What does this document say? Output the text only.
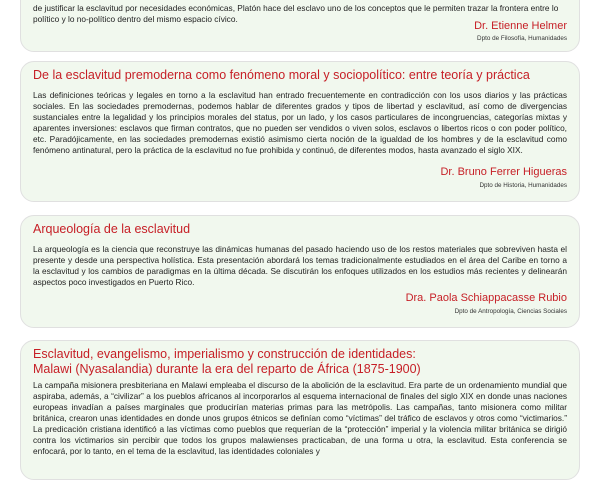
de justificar la esclavitud por necesidades económicas, Platón hace del esclavo uno de los conceptos que le permiten trazar la frontera entre lo político y lo no-político dentro del mismo espacio cívico.
Dr. Etienne Helmer
Dpto de Filosofía, Humanidades
De la esclavitud premoderna como fenómeno moral y sociopolítico: entre teoría y práctica
Las definiciones teóricas y legales en torno a la esclavitud han entrado frecuentemente en contradicción con los usos diarios y las prácticas sociales. En las sociedades premodernas, podemos hablar de diferentes grados y tipos de libertad y esclavitud, así como de divergencias sustanciales entre la legalidad y los principios morales del status, por un lado, y los casos particulares de incongruencias, categorías mixtas y aparentes inversiones: esclavos que firman contratos, que no pueden ser vendidos o viven solos, esclavos o libertos ricos o con poder político, etc. Paradójicamente, en las sociedades premodernas existió asimismo cierta noción de la igualdad de los hombres y de la esclavitud como fenómeno antinatural, pero la práctica de la esclavitud no fue prohibida y continuó, de diferentes modos, hasta avanzado el siglo XIX.
Dr. Bruno Ferrer Higueras
Dpto de Historia, Humanidades
Arqueología de la esclavitud
La arqueología es la ciencia que reconstruye las dinámicas humanas del pasado haciendo uso de los restos materiales que sobreviven hasta el presente y desde una perspectiva holística. Esta presentación abordará los temas tradicionalmente estudiados en el área del Caribe en torno a la esclavitud y los cambios de paradigmas en la última década. Se discutirán los enfoques utilizados en los estudios más recientes y delinearán aspectos poco investigados en Puerto Rico.
Dra. Paola Schiappacasse Rubio
Dpto de Antropología, Ciencias Sociales
Esclavitud, evangelismo, imperialismo y construcción de identidades:
Malawi (Nyasalandia) durante la era del reparto de África (1875-1900)
La campaña misionera presbiteriana en Malawi empleaba el discurso de la abolición de la esclavitud. Era parte de un ordenamiento mundial que aspiraba, además, a “civilizar” a los pueblos africanos al incorporarlos al esquema internacional de finales del siglo XIX en donde unas naciones europeas invadían a países marginales que producirían materias primas para las metrópolis. Las campañas, tanto misionera como militar británica, crearon unas identidades en donde unos grupos étnicos se definían como “víctimas” del tráfico de esclavos y otros como “victimarios.” La predicación cristiana identificó a las víctimas como pueblos que requerían de la “protección” imperial y la violencia militar británica se dirigió contra los victimarios sin percibir que todos los grupos malawienses practicaban, de una forma u otra, la esclavitud. Esta conferencia se enfocará, por lo tanto, en el tema de la esclavitud, las identidades coloniales y
